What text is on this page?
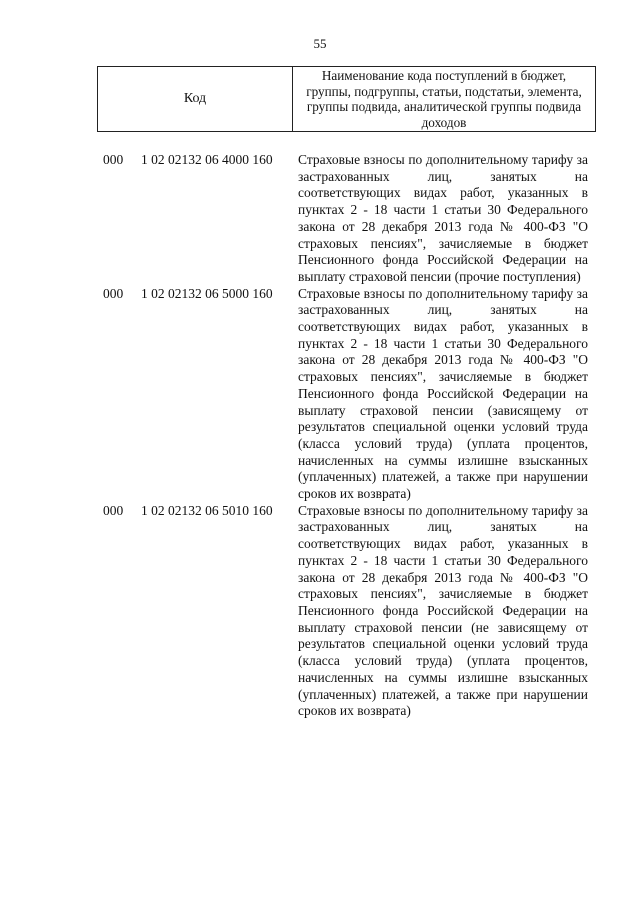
55
Код
Наименование кода поступлений в бюджет, группы, подгруппы, статьи, подстатьи, элемента, группы подвида, аналитической группы подвида доходов
000 1 02 02132 06 4000 160 Страховые взносы по дополнительному тарифу за застрахованных лиц, занятых на соответствующих видах работ, указанных в пунктах 2 - 18 части 1 статьи 30 Федерального закона от 28 декабря 2013 года № 400-ФЗ "О страховых пенсиях", зачисляемые в бюджет Пенсионного фонда Российской Федерации на выплату страховой пенсии (прочие поступления)
000 1 02 02132 06 5000 160 Страховые взносы по дополнительному тарифу за застрахованных лиц, занятых на соответствующих видах работ, указанных в пунктах 2 - 18 части 1 статьи 30 Федерального закона от 28 декабря 2013 года № 400-ФЗ "О страховых пенсиях", зачисляемые в бюджет Пенсионного фонда Российской Федерации на выплату страховой пенсии (зависящему от результатов специальной оценки условий труда (класса условий труда) (уплата процентов, начисленных на суммы излишне взысканных (уплаченных) платежей, а также при нарушении сроков их возврата)
000 1 02 02132 06 5010 160 Страховые взносы по дополнительному тарифу за застрахованных лиц, занятых на соответствующих видах работ, указанных в пунктах 2 - 18 части 1 статьи 30 Федерального закона от 28 декабря 2013 года № 400-ФЗ "О страховых пенсиях", зачисляемые в бюджет Пенсионного фонда Российской Федерации на выплату страховой пенсии (не зависящему от результатов специальной оценки условий труда (класса условий труда) (уплата процентов, начисленных на суммы излишне взысканных (уплаченных) платежей, а также при нарушении сроков их возврата)
